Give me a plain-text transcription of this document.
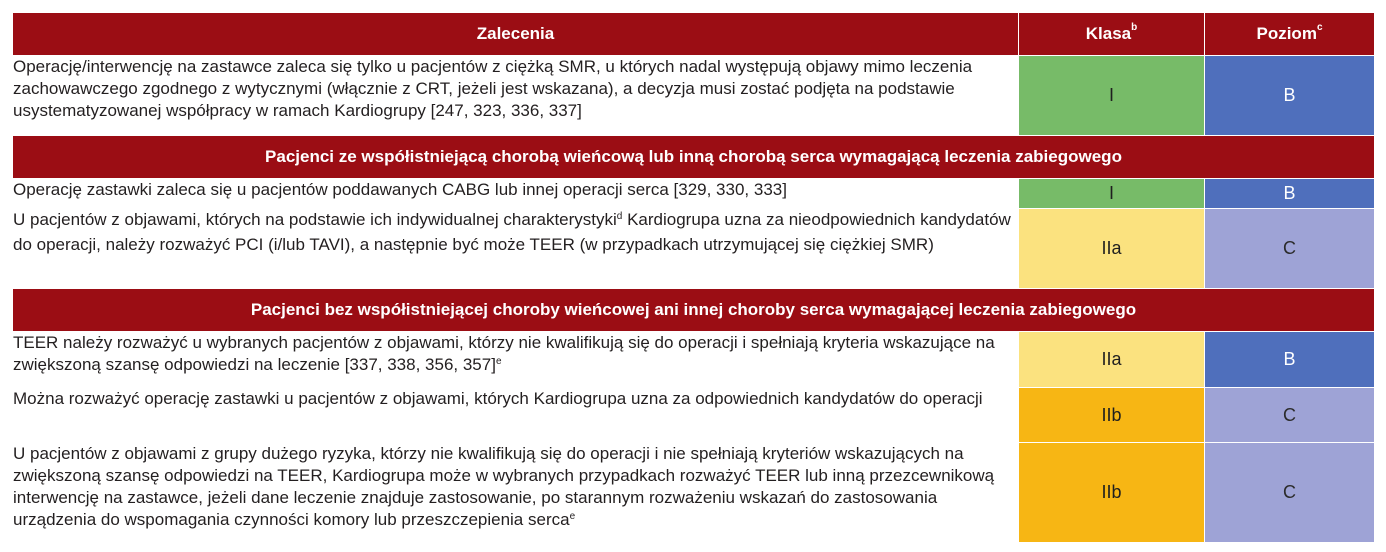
Zalecenia	Klasa$^b$	Poziom$^c$
Operację/interwencję na zastawce zaleca się tylko u pacjentów z ciężką SMR, u których nadal występują objawy mimo leczenia zachowawczego zgodnego z wytycznymi (włącznie z CRT, jeżeli jest wskazana), a decyzja musi zostać podjęta na podstawie usystematyzowanej współpracy w ramach Kardiogrupy [247, 323, 336, 337]	I	B
Pacjenci ze współistniejącą chorobą wieńcową lub inną chorobą serca wymagającą leczenia zabiegowego		
Operację zastawki zaleca się u pacjentów poddawanych CABG lub innej operacji serca [329, 330, 333]	I	B
U pacjentów z objawami, których na podstawie ich indywidualnej charakterystyki$^d$ Kardiogrupa uzna za nieodpowiednich kandydatów do operacji, należy rozważyć PCI (i/lub TAVI), a następnie być może TEER (w przypadkach utrzymującej się ciężkiej SMR)	IIa	C
Pacjenci bez współistniejącej choroby wieńcowej ani innej choroby serca wymagającej leczenia zabiegowego		
TEER należy rozważyć u wybranych pacjentów z objawami, którzy nie kwalifikują się do operacji i spełniają kryteria wskazujące na zwiększoną szansę odpowiedzi na leczenie [337, 338, 356, 357]$^e$	IIa	B
Można rozważyć operację zastawki u pacjentów z objawami, których Kardiogrupa uzna za odpowiednich kandydatów do operacji	IIb	C
U pacjentów z objawami z grupy dużego ryzyka, którzy nie kwalifikują się do operacji i nie spełniają kryteriów wskazujących na zwiększoną szansę odpowiedzi na TEER, Kardiogrupa może w wybranych przypadkach rozważyć TEER lub inną przezcewnikową interwencję na zastawce, jeżeli dane leczenie znajduje zastosowanie, po starannym rozważeniu wskazań do zastosowania urządzenia do wspomagania czynności komory lub przeszczepienia serca$^e$	IIb	C
